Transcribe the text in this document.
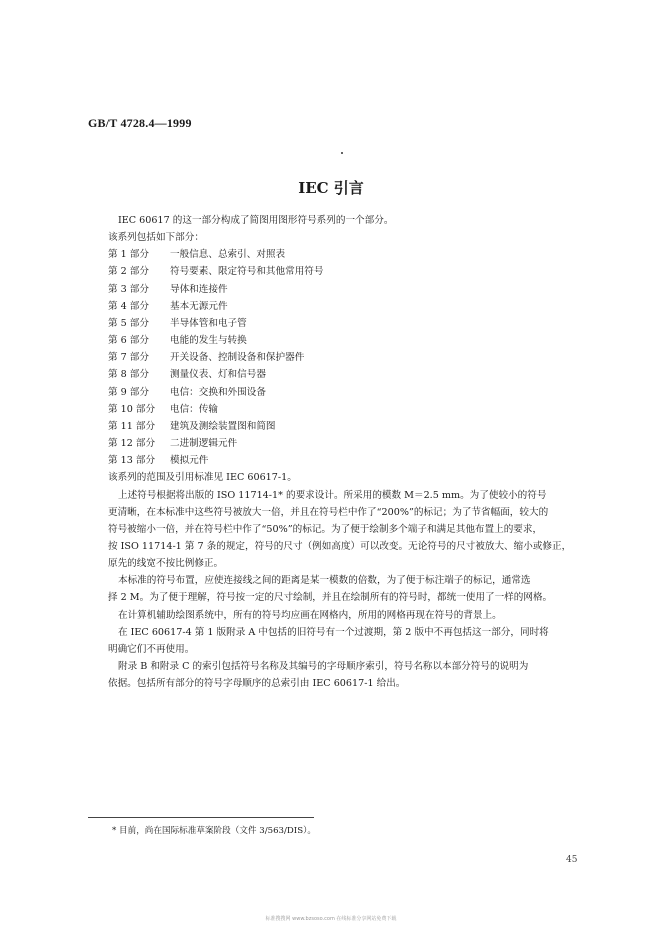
GB/T 4728.4—1999
IEC 引言

IEC 60617 的这一部分构成了简图用图形符号系列的一个部分。

该系列包括如下部分：

第 1 部分 一般信息、总索引、对照表

第 2 部分 符号要素、限定符号和其他常用符号

第 3 部分 导体和连接件

第 4 部分 基本无源元件

第 5 部分 半导体管和电子管

第 6 部分 电能的发生与转换

第 7 部分 开关设备、控制设备和保护器件

第 8 部分 测量仪表、灯和信号器

第 9 部分 电信：交换和外围设备

第 10 部分 电信：传输

第 11 部分 建筑及测绘装置图和简图

第 12 部分 二进制逻辑元件

第 13 部分 模拟元件

该系列的范围及引用标准见 IEC 60617-1。

上述符号根据将出版的 ISO 11714-1* 的要求设计。所采用的模数 M＝2.5 mm。为了使较小的符号

更清晰，在本标准中这些符号被放大一倍，并且在符号栏中作了“200%”的标记；为了节省幅面，较大的

符号被缩小一倍，并在符号栏中作了“50%”的标记。为了便于绘制多个端子和满足其他布置上的要求，

按 ISO 11714-1 第 7 条的规定，符号的尺寸（例如高度）可以改变。无论符号的尺寸被放大、缩小或修正，

原先的线宽不按比例修正。

本标准的符号布置，应使连接线之间的距离是某一模数的倍数，为了便于标注端子的标记，通常选

择 2 M。为了便于理解，符号按一定的尺寸绘制，并且在绘制所有的符号时，都统一使用了一样的网格。

在计算机辅助绘图系统中，所有的符号均应画在网格内，所用的网格再现在符号的背景上。

在 IEC 60617-4 第 1 版附录 A 中包括的旧符号有一个过渡期，第 2 版中不再包括这一部分，同时将

明确它们不再使用。

附录 B 和附录 C 的索引包括符号名称及其编号的字母顺序索引，符号名称以本部分符号的说明为

依据。包括所有部分的符号字母顺序的总索引由 IEC 60617-1 给出。

* 目前，尚在国际标准草案阶段（文件 3/563/DIS）。
45
标准搜搜网 www.bzsoso.com 在线标准分享网站免费下载
